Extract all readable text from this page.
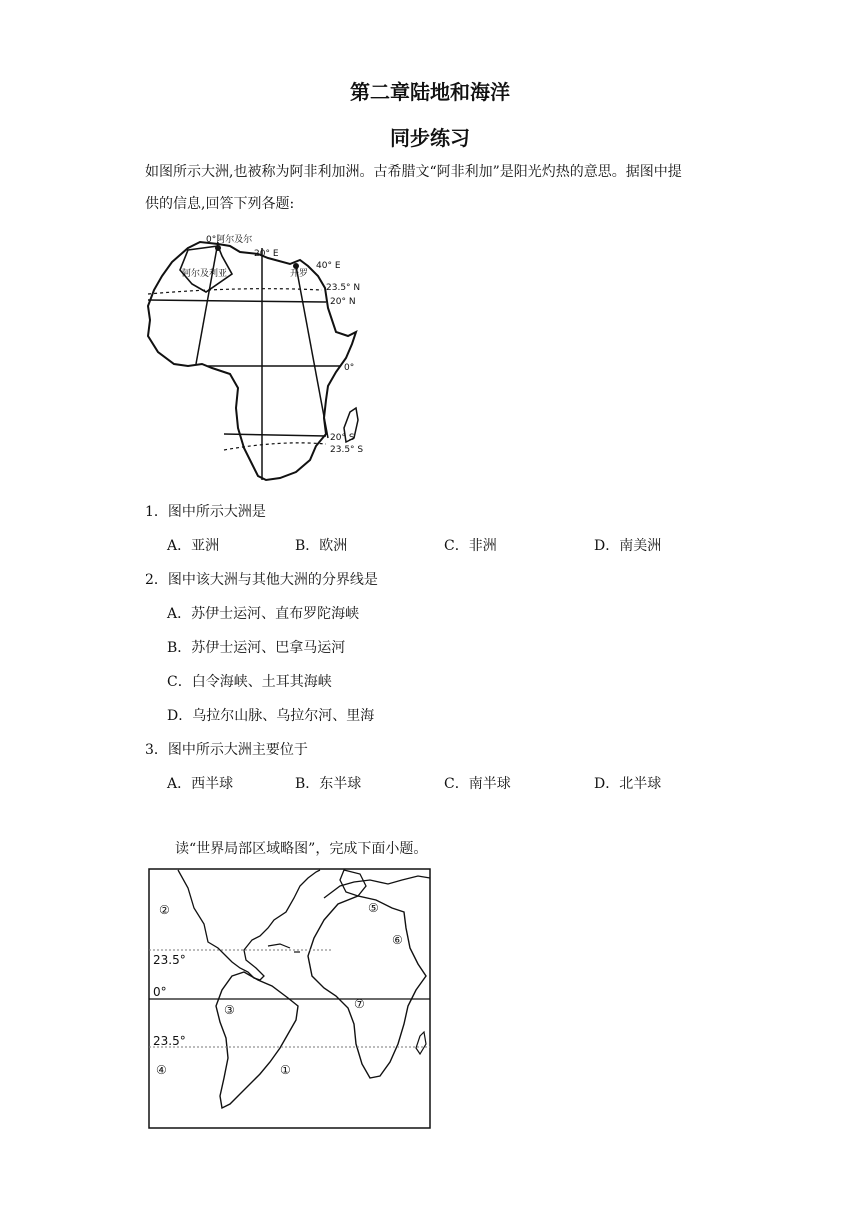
第二章陆地和海洋
同步练习
如图所示大洲,也被称为阿非利加洲。古希腊文“阿非利加”是阳光灼热的意思。据图中提
供的信息,回答下列各题:
0°阿尔及尔
20° E
阿尔及利亚	开罗
40° E
23.5° N
20° N
0°
20° S
23.5° S
1．图中所示大洲是
A．亚洲	B．欧洲	C．非洲	D．南美洲
2．图中该大洲与其他大洲的分界线是
A．苏伊士运河、直布罗陀海峡
B．苏伊士运河、巴拿马运河
C．白令海峡、土耳其海峡
D．乌拉尔山脉、乌拉尔河、里海
3．图中所示大洲主要位于
A．西半球	B．东半球	C．南半球	D．北半球
读“世界局部区域略图”，完成下面小题。
23.5°
0°
23.5°
②
③
④	①
⑤
⑥
⑦
